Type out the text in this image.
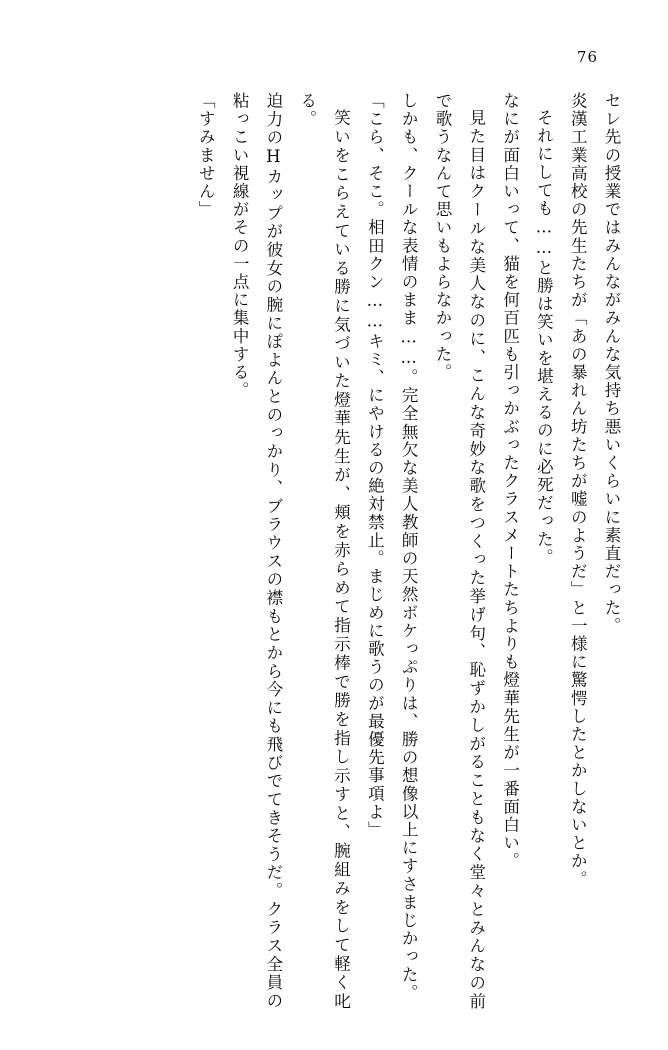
76
セレ先の授業ではみんながみんな気持ち悪いくらいに素直だった。
炎漢工業高校の先生たちが「あの暴れん坊たちが嘘のようだ」と一様に驚愕したとかしないとか。
それにしても……と勝は笑いを堪えるのに必死だった。
なにが面白いって、猫を何百匹も引っかぶったクラスメートたちよりも燈華先生が一番面白い。
見た目はクールな美人なのに、こんな奇妙な歌をつくった挙げ句、恥ずかしがることもなく堂々とみんなの前で歌うなんて思いもよらなかった。
しかも、クールな表情のまま……。完全無欠な美人教師の天然ボケっぷりは、勝の想像以上にすさまじかった。
「こら、そこ。相田クン……キミ、にやけるの絶対禁止。まじめに歌うのが最優先事項よ」
笑いをこらえている勝に気づいた燈華先生が、頬を赤らめて指示棒で勝を指し示すと、腕組みをして軽く叱る。
迫力のHカップが彼女の腕にぽよんとのっかり、ブラウスの襟もとから今にも飛びでてきそうだ。クラス全員の粘っこい視線がその一点に集中する。
「すみません」
